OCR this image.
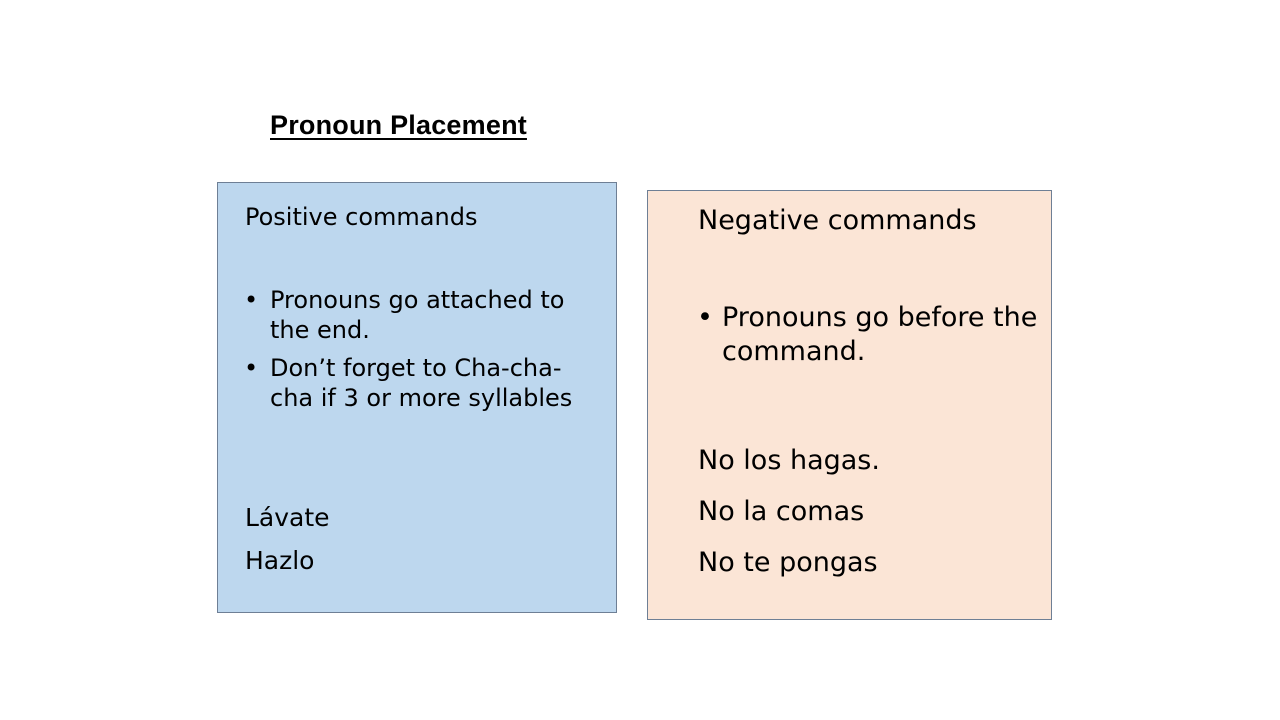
Pronoun Placement
Positive commands
• Pronouns go attached to the end.
• Don’t forget to Cha-cha-cha if 3 or more syllables
Lávate
Hazlo
Negative commands
• Pronouns go before the command.
No los hagas.
No la comas
No te pongas
